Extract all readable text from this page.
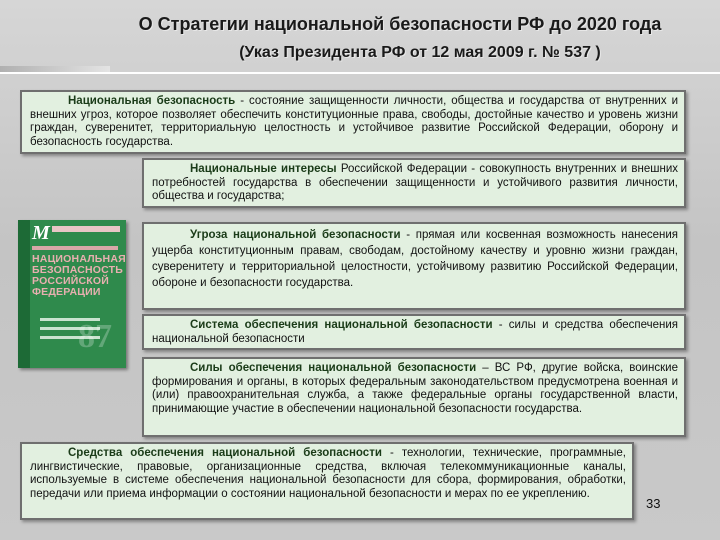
О Стратегии национальной безопасности РФ до 2020 года
(Указ Президента РФ от 12 мая 2009 г. № 537 )
M
НАЦИОНАЛЬНАЯ БЕЗОПАСНОСТЬ РОССИЙСКОЙ ФЕДЕРАЦИИ
87

Национальная безопасность - состояние защищенности личности, общества и государства от внутренних и внешних угроз, которое позволяет обеспечить конституционные права, свободы, достойные качество и уровень жизни граждан, суверенитет, территориальную целостность и устойчивое развитие Российской Федерации, оборону и безопасность государства.

Национальные интересы Российской Федерации - совокупность внутренних и внешних потребностей государства в обеспечении защищенности и устойчивого развития личности, общества и государства;

Угроза национальной безопасности - прямая или косвенная возможность нанесения ущерба конституционным правам, свободам, достойному качеству и уровню жизни граждан, суверенитету и территориальной целостности, устойчивому развитию Российской Федерации, обороне и безопасности государства.

Система обеспечения национальной безопасности - силы и средства обеспечения национальной безопасности

Силы обеспечения национальной безопасности – ВС РФ, другие войска, воинские формирования и органы, в которых федеральным законодательством предусмотрена военная и (или) правоохранительная служба, а также федеральные органы государственной власти, принимающие участие в обеспечении национальной безопасности государства.

Средства обеспечения национальной безопасности - технологии, технические, программные, лингвистические, правовые, организационные средства, включая телекоммуникационные каналы, используемые в системе обеспечения национальной безопасности для сбора, формирования, обработки, передачи или приема информации о состоянии национальной безопасности и мерах по ее укреплению.

33
